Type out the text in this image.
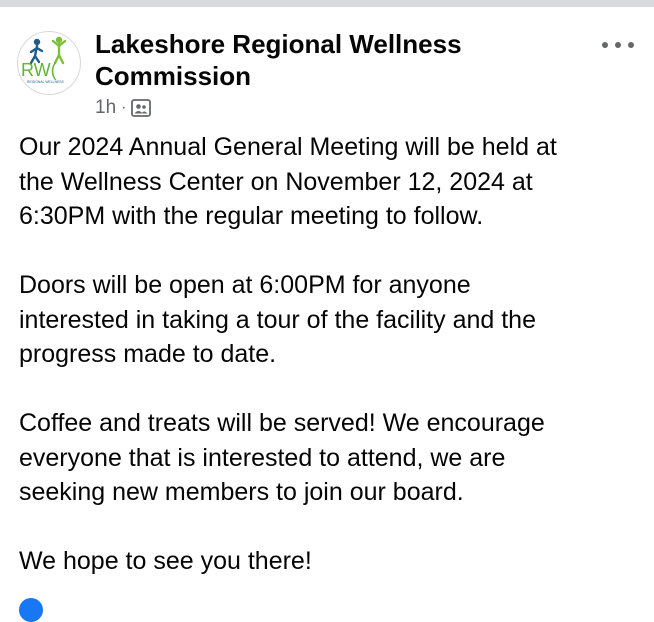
RW(
REGIONAL WELLNESS
Lakeshore Regional Wellness Commission
1h ·

Our 2024 Annual General Meeting will be held at
the Wellness Center on November 12, 2024 at
6:30PM with the regular meeting to follow.

Doors will be open at 6:00PM for anyone
interested in taking a tour of the facility and the
progress made to date.

Coffee and treats will be served! We encourage
everyone that is interested to attend, we are
seeking new members to join our board.

We hope to see you there!
